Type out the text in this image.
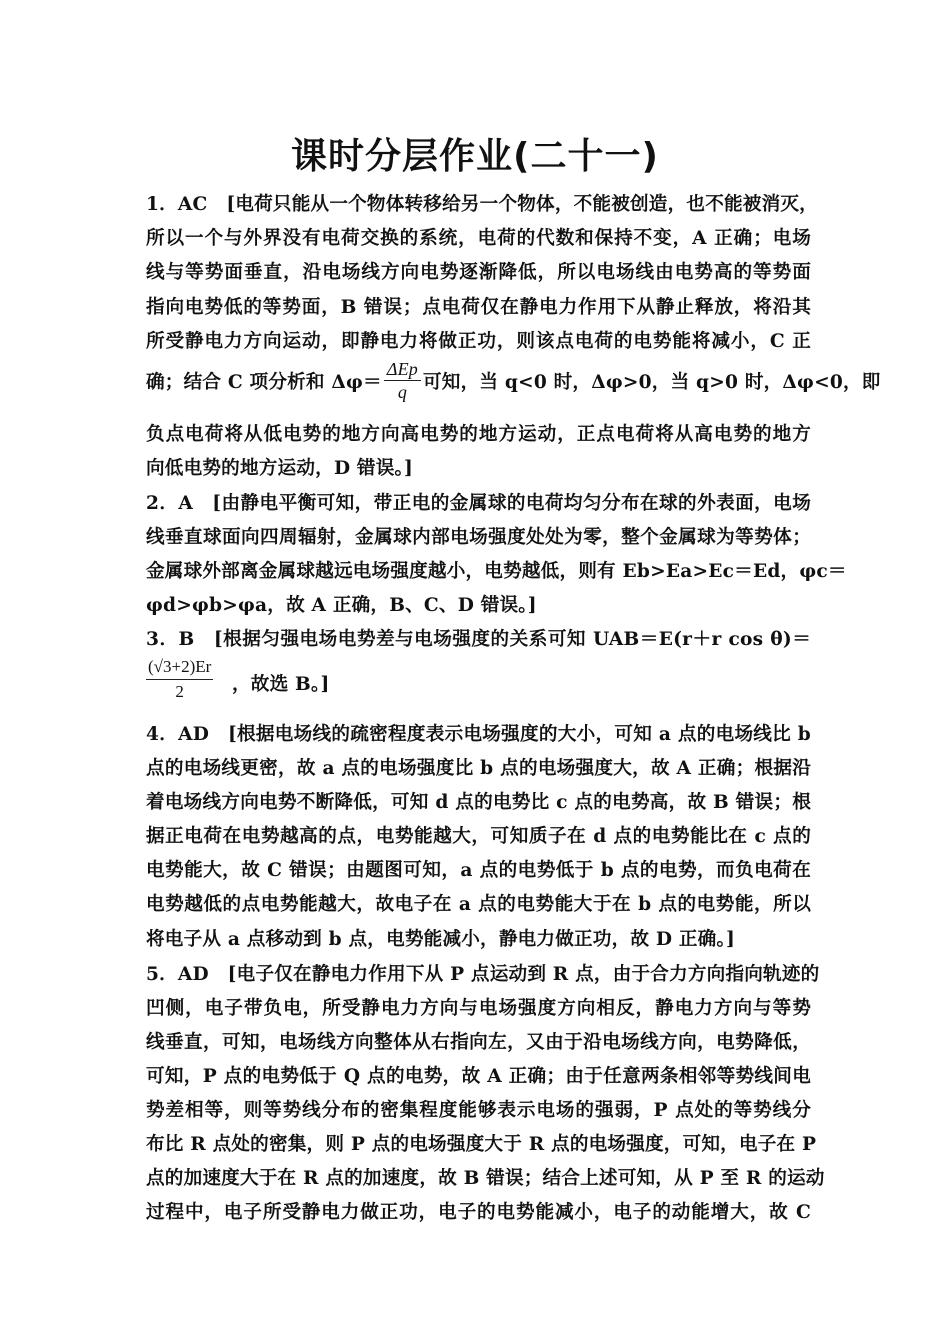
课时分层作业(二十一)
1．AC　[电荷只能从一个物体转移给另一个物体，不能被创造，也不能被消灭，
所以一个与外界没有电荷交换的系统，电荷的代数和保持不变，A 正确；电场
线与等势面垂直，沿电场线方向电势逐渐降低，所以电场线由电势高的等势面
指向电势低的等势面，B 错误；点电荷仅在静电力作用下从静止释放，将沿其
所受静电力方向运动，即静电力将做正功，则该点电荷的电势能将减小，C 正
确；结合 C 项分析和 $\Delta\varphi= \frac{\text{ΔEp}}{q}$ 可知，当 q<0 时，Δφ>0，当 q>0 时，Δφ<0，即
负点电荷将从低电势的地方向高电势的地方运动，正点电荷将从高电势的地方
向低电势的地方运动，D 错误。]
2．A　[由静电平衡可知，带正电的金属球的电荷均匀分布在球的外表面，电场
线垂直球面向四周辐射，金属球内部电场强度处处为零，整个金属球为等势体；
金属球外部离金属球越远电场强度越小，电势越低，则有 Eb>Ea>Ec＝Ed，φc＝
φd>φb>φa，故 A 正确，B、C、D 错误。]
3．B　[根据匀强电场电势差与电场强度的关系可知 UAB＝E(r＋r cos θ)＝
$\frac{(√3+2)Er}{2}$ ，故选 B。]
4．AD　[根据电场线的疏密程度表示电场强度的大小，可知 a 点的电场线比 b
点的电场线更密，故 a 点的电场强度比 b 点的电场强度大，故 A 正确；根据沿
着电场线方向电势不断降低，可知 d 点的电势比 c 点的电势高，故 B 错误；根
据正电荷在电势越高的点，电势能越大，可知质子在 d 点的电势能比在 c 点的
电势能大，故 C 错误；由题图可知，a 点的电势低于 b 点的电势，而负电荷在
电势越低的点电势能越大，故电子在 a 点的电势能大于在 b 点的电势能，所以
将电子从 a 点移动到 b 点，电势能减小，静电力做正功，故 D 正确。]
5．AD　[电子仅在静电力作用下从 P 点运动到 R 点，由于合力方向指向轨迹的
凹侧，电子带负电，所受静电力方向与电场强度方向相反，静电力方向与等势
线垂直，可知，电场线方向整体从右指向左，又由于沿电场线方向，电势降低，
可知，P 点的电势低于 Q 点的电势，故 A 正确；由于任意两条相邻等势线间电
势差相等，则等势线分布的密集程度能够表示电场的强弱，P 点处的等势线分
布比 R 点处的密集，则 P 点的电场强度大于 R 点的电场强度，可知，电子在 P
点的加速度大于在 R 点的加速度，故 B 错误；结合上述可知，从 P 至 R 的运动
过程中，电子所受静电力做正功，电子的电势能减小，电子的动能增大，故 C
